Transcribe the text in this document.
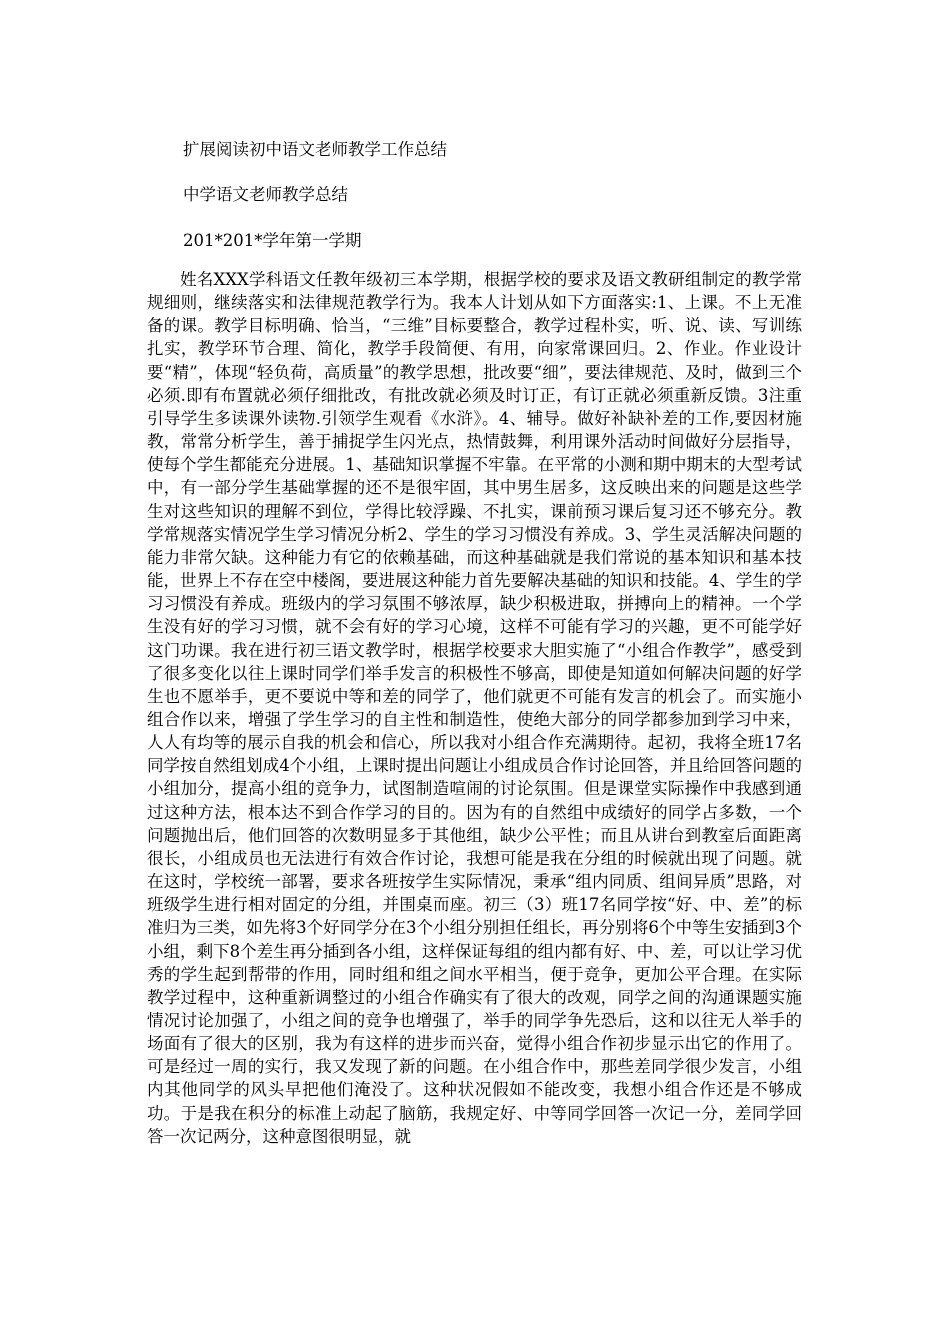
扩展阅读初中语文老师教学工作总结
中学语文老师教学总结
201*201*学年第一学期

姓名XXX学科语文任教年级初三本学期，根据学校的要求及语文教研组制定的教学常规细则，继续落实和法律规范教学行为。我本人计划从如下方面落实:1、上课。不上无准备的课。教学目标明确、恰当，“三维”目标要整合，教学过程朴实，听、说、读、写训练扎实，教学环节合理、简化，教学手段简便、有用，向家常课回归。2、作业。作业设计要“精”，体现“轻负荷，高质量”的教学思想，批改要“细”，要法律规范、及时，做到三个必须.即有布置就必须仔细批改，有批改就必须及时订正，有订正就必须重新反馈。3注重引导学生多读课外读物.引领学生观看《水浒》。4、辅导。做好补缺补差的工作,要因材施教，常常分析学生，善于捕捉学生闪光点，热情鼓舞，利用课外活动时间做好分层指导，使每个学生都能充分进展。1、基础知识掌握不牢靠。在平常的小测和期中期末的大型考试中，有一部分学生基础掌握的还不是很牢固，其中男生居多，这反映出来的问题是这些学生对这些知识的理解不到位，学得比较浮躁、不扎实，课前预习课后复习还不够充分。教学常规落实情况学生学习情况分析2、学生的学习习惯没有养成。3、学生灵活解决问题的能力非常欠缺。这种能力有它的依赖基础，而这种基础就是我们常说的基本知识和基本技能，世界上不存在空中楼阁，要进展这种能力首先要解决基础的知识和技能。4、学生的学习习惯没有养成。班级内的学习氛围不够浓厚，缺少积极进取，拼搏向上的精神。一个学生没有好的学习习惯，就不会有好的学习心境，这样不可能有学习的兴趣，更不可能学好这门功课。我在进行初三语文教学时，根据学校要求大胆实施了“小组合作教学”，感受到了很多变化以往上课时同学们举手发言的积极性不够高，即使是知道如何解决问题的好学生也不愿举手，更不要说中等和差的同学了，他们就更不可能有发言的机会了。而实施小组合作以来，增强了学生学习的自主性和制造性，使绝大部分的同学都参加到学习中来，人人有均等的展示自我的机会和信心，所以我对小组合作充满期待。起初，我将全班17名同学按自然组划成4个小组，上课时提出问题让小组成员合作讨论回答，并且给回答问题的小组加分，提高小组的竞争力，试图制造喧闹的讨论氛围。但是课堂实际操作中我感到通过这种方法，根本达不到合作学习的目的。因为有的自然组中成绩好的同学占多数，一个问题抛出后，他们回答的次数明显多于其他组，缺少公平性；而且从讲台到教室后面距离很长，小组成员也无法进行有效合作讨论，我想可能是我在分组的时候就出现了问题。就在这时，学校统一部署，要求各班按学生实际情况，秉承“组内同质、组间异质”思路，对班级学生进行相对固定的分组，并围桌而座。初三（3）班17名同学按“好、中、差”的标准归为三类，如先将3个好同学分在3个小组分别担任组长，再分别将6个中等生安插到3个小组，剩下8个差生再分插到各小组，这样保证每组的组内都有好、中、差，可以让学习优秀的学生起到帮带的作用，同时组和组之间水平相当，便于竞争，更加公平合理。在实际教学过程中，这种重新调整过的小组合作确实有了很大的改观，同学之间的沟通课题实施情况讨论加强了，小组之间的竞争也增强了，举手的同学争先恐后，这和以往无人举手的场面有了很大的区别，我为有这样的进步而兴奋，觉得小组合作初步显示出它的作用了。可是经过一周的实行，我又发现了新的问题。在小组合作中，那些差同学很少发言，小组内其他同学的风头早把他们淹没了。这种状况假如不能改变，我想小组合作还是不够成功。于是我在积分的标准上动起了脑筋，我规定好、中等同学回答一次记一分，差同学回答一次记两分，这种意图很明显，就
